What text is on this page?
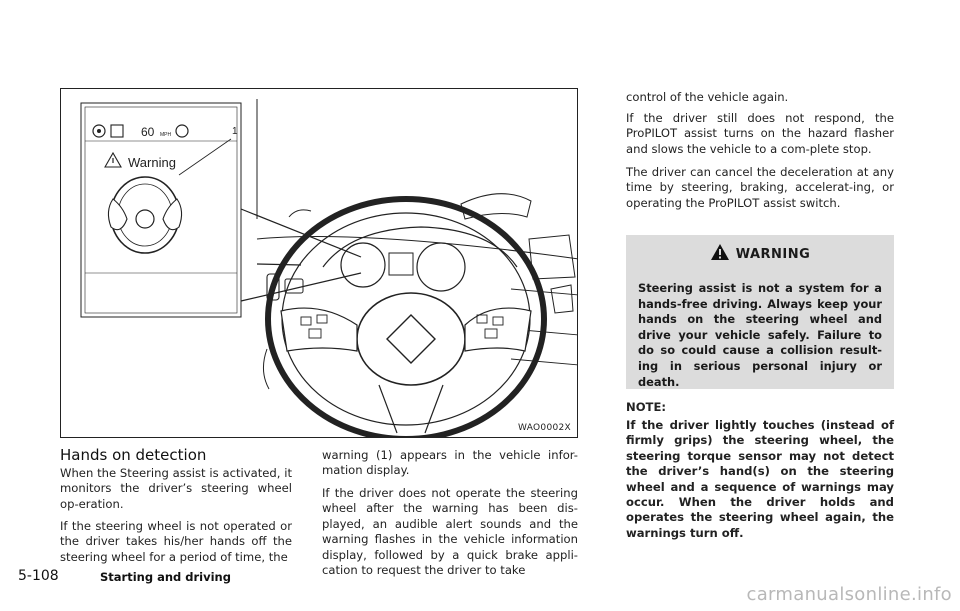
60 MPH
Warning
1
WAO0002X
Hands on detection

When the Steering assist is activated, it monitors the driver’s steering wheel op-eration.

If the steering wheel is not operated or the driver takes his/her hands off the steering wheel for a period of time, the

warning (1) appears in the vehicle infor-mation display.

If the driver does not operate the steering wheel after the warning has been dis-played, an audible alert sounds and the warning flashes in the vehicle information display, followed by a quick brake appli-cation to request the driver to take

control of the vehicle again.

If the driver still does not respond, the ProPILOT assist turns on the hazard flasher and slows the vehicle to a com-plete stop.

The driver can cancel the deceleration at any time by steering, braking, accelerat-ing, or operating the ProPILOT assist switch.

WARNING

Steering assist is not a system for a hands-free driving. Always keep your hands on the steering wheel and drive your vehicle safely. Failure to do so could cause a collision result-ing in serious personal injury or death.

NOTE:

If the driver lightly touches (instead of firmly grips) the steering wheel, the steering torque sensor may not detect the driver’s hand(s) on the steering wheel and a sequence of warnings may occur. When the driver holds and operates the steering wheel again, the warnings turn off.

5-108	Starting and driving
carmanualsonline.info
